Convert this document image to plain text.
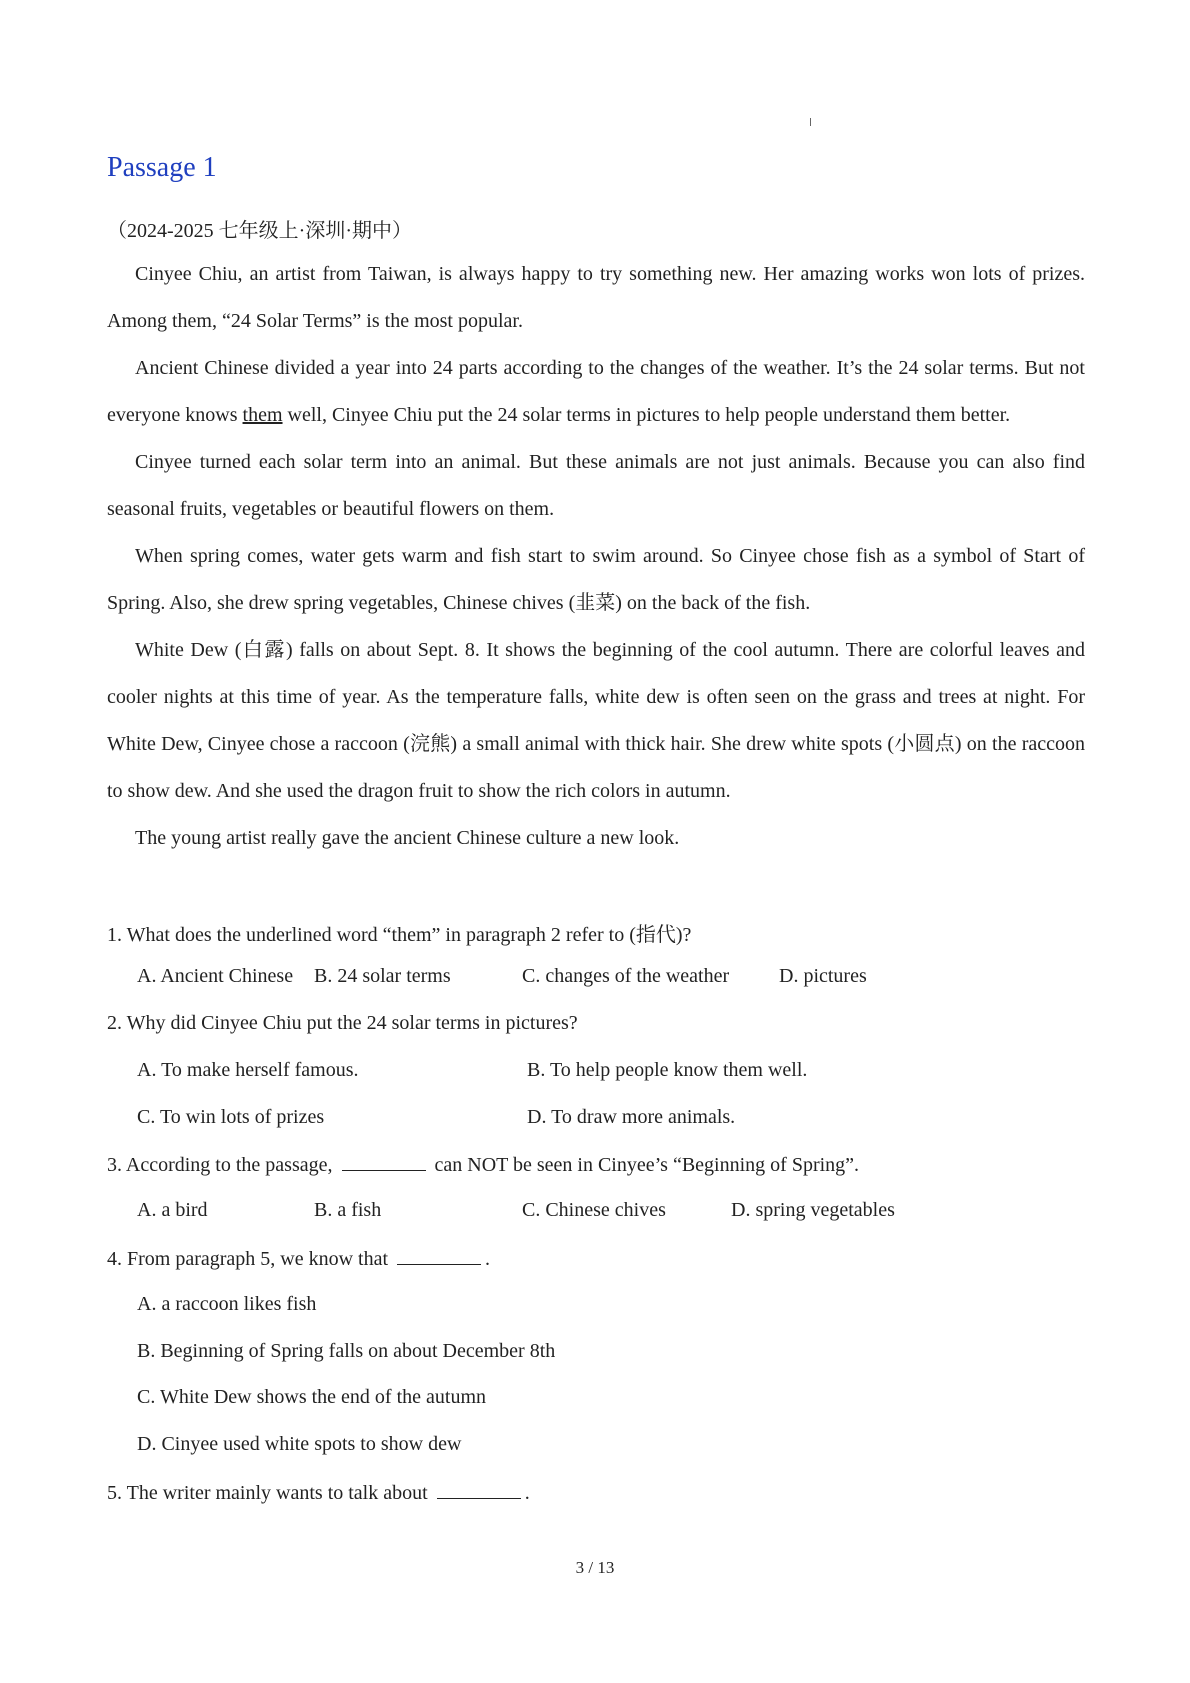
Passage 1
（2024-2025 七年级上·深圳·期中）

Cinyee Chiu, an artist from Taiwan, is always happy to try something new. Her amazing works won lots of prizes. Among them, “24 Solar Terms” is the most popular.

Ancient Chinese divided a year into 24 parts according to the changes of the weather. It’s the 24 solar terms. But not everyone knows them well, Cinyee Chiu put the 24 solar terms in pictures to help people understand them better.

Cinyee turned each solar term into an animal. But these animals are not just animals. Because you can also find seasonal fruits, vegetables or beautiful flowers on them.

When spring comes, water gets warm and fish start to swim around. So Cinyee chose fish as a symbol of Start of Spring. Also, she drew spring vegetables, Chinese chives (韭菜) on the back of the fish.

White Dew (白露) falls on about Sept. 8. It shows the beginning of the cool autumn. There are colorful leaves and cooler nights at this time of year. As the temperature falls, white dew is often seen on the grass and trees at night. For White Dew, Cinyee chose a raccoon (浣熊) a small animal with thick hair. She drew white spots (小圆点) on the raccoon to show dew. And she used the dragon fruit to show the rich colors in autumn.

The young artist really gave the ancient Chinese culture a new look.

1. What does the underlined word “them” in paragraph 2 refer to (指代)?
A. Ancient Chinese B. 24 solar terms	C. changes of the weather D. pictures
2. Why did Cinyee Chiu put the 24 solar terms in pictures?
A. To make herself famous.	B. To help people know them well.
C. To win lots of prizes	D. To draw more animals.
3. According to the passage,	can NOT be seen in Cinyee’s “Beginning of Spring”.
A. a bird	B. a fish	C. Chinese chives	D. spring vegetables
4. From paragraph 5, we know that	.
A. a raccoon likes fish
B. Beginning of Spring falls on about December 8th
C. White Dew shows the end of the autumn
D. Cinyee used white spots to show dew
5. The writer mainly wants to talk about	.
3 / 13
